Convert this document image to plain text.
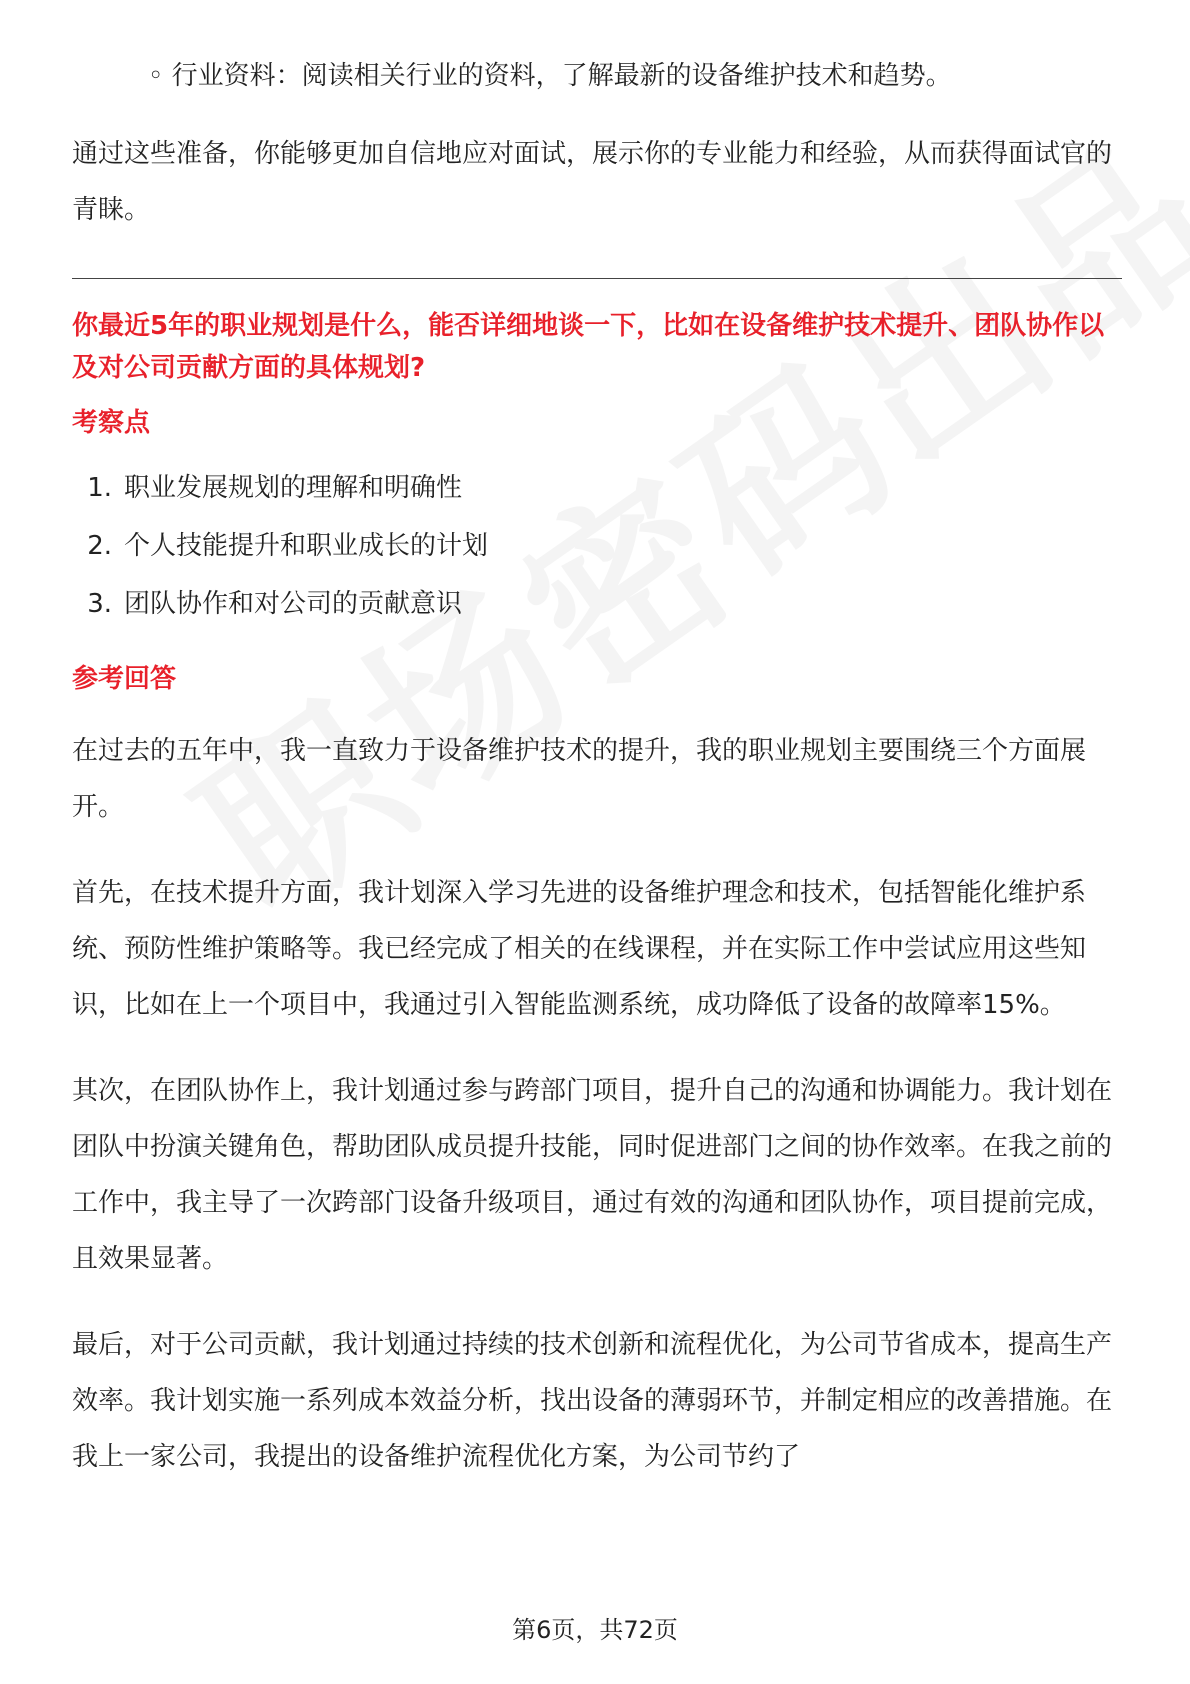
◦ 行业资料：阅读相关行业的资料，了解最新的设备维护技术和趋势。

通过这些准备，你能够更加自信地应对面试，展示你的专业能力和经验，从而获得面试官的青睐。

你最近5年的职业规划是什么，能否详细地谈一下，比如在设备维护技术提升、团队协作以及对公司贡献方面的具体规划?

考察点

1. 职业发展规划的理解和明确性
2. 个人技能提升和职业成长的计划
3. 团队协作和对公司的贡献意识

参考回答

在过去的五年中，我一直致力于设备维护技术的提升，我的职业规划主要围绕三个方面展开。

首先，在技术提升方面，我计划深入学习先进的设备维护理念和技术，包括智能化维护系统、预防性维护策略等。我已经完成了相关的在线课程，并在实际工作中尝试应用这些知识，比如在上一个项目中，我通过引入智能监测系统，成功降低了设备的故障率15%。

其次，在团队协作上，我计划通过参与跨部门项目，提升自己的沟通和协调能力。我计划在团队中扮演关键角色，帮助团队成员提升技能，同时促进部门之间的协作效率。在我之前的工作中，我主导了一次跨部门设备升级项目，通过有效的沟通和团队协作，项目提前完成，且效果显著。

最后，对于公司贡献，我计划通过持续的技术创新和流程优化，为公司节省成本，提高生产效率。我计划实施一系列成本效益分析，找出设备的薄弱环节，并制定相应的改善措施。在我上一家公司，我提出的设备维护流程优化方案，为公司节约了

第6页，共72页
